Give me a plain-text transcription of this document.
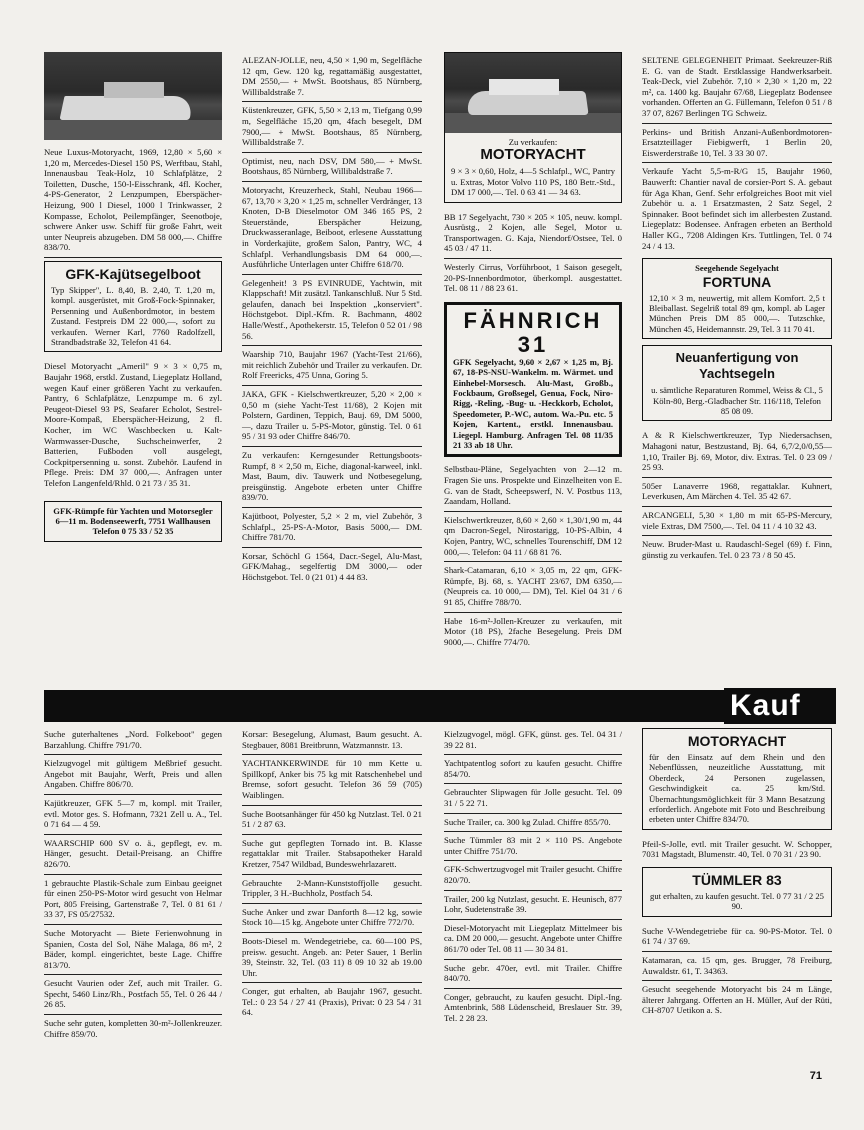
Neue Luxus-Motoryacht, 1969, 12,80 × 5,60 × 1,20 m, Mercedes-Diesel 150 PS, Werftbau, Stahl, Innenausbau Teak-Holz, 10 Schlafplätze, 2 Toiletten, Dusche, 150-l-Eisschrank, 4fl. Kocher, 4-PS-Generator, 2 Lenzpumpen, Eberspächer-Heizung, 900 l Diesel, 1000 l Trinkwasser, 2 Kompasse, Echolot, Peilempfänger, Seenotboje, schwere Anker usw. Schiff für große Fahrt, weit unter Neupreis abzugeben. DM 58 000,—. Chiffre 838/70.
GFK-Kajütsegelboot
Typ Skipper", L. 8,40, B. 2,40, T. 1,20 m, kompl. ausgerüstet, mit Groß-Fock-Spinnaker, Persenning und Außenbordmotor, in bestem Zustand. Festpreis DM 22 000,—, sofort zu verkaufen. Werner Karl, 7760 Radolfzell, Strandbadstraße 32, Telefon 41 64.
Diesel Motoryacht „Ameril" 9 × 3 × 0,75 m, Baujahr 1968, erstkl. Zustand, Liegeplatz Holland, wegen Kauf einer größeren Yacht zu verkaufen. Pantry, 6 Schlafplätze, Lenzpumpe m. 6 zyl. Peugeot-Diesel 93 PS, Seafarer Echolot, Sestrel-Moore-Kompaß, Eberspächer-Heizung, 2 fl. Kocher, im WC Waschbecken u. Kalt-Warmwasser-Dusche, Suchscheinwerfer, 2 Batterien, Fußboden voll ausgelegt, Cockpitpersenning u. sonst. Zubehör. Laufend in Pflege. Preis: DM 37 000,—. Anfragen unter Telefon Langenfeld/Rhld. 0 21 73 / 35 31.
GFK-Rümpfe für Yachten und Motorsegler 6—11 m. Bodenseewerft, 7751 Wallhausen Telefon 0 75 33 / 52 35
ALEZAN-JOLLE, neu, 4,50 × 1,90 m, Segelfläche 12 qm, Gew. 120 kg, regattamäßig ausgestattet, DM 2550,— + MwSt. Bootshaus, 85 Nürnberg, Willibaldstraße 7.
Küstenkreuzer, GFK, 5,50 × 2,13 m, Tiefgang 0,99 m, Segelfläche 15,20 qm, 4fach besegelt, DM 7900,— + MwSt. Bootshaus, 85 Nürnberg, Willibaldstraße 7.
Optimist, neu, nach DSV, DM 580,— + MwSt. Bootshaus, 85 Nürnberg, Willibaldstraße 7.
Motoryacht, Kreuzerheck, Stahl, Neubau 1966—67, 13,70 × 3,20 × 1,25 m, schneller Verdränger, 13 Knoten, D-B Dieselmotor OM 346 165 PS, 2 Steuerstände, Eberspächer Heizung, Druckwasseranlage, Beiboot, erlesene Ausstattung in Vorderkajüte, großem Salon, Pantry, WC, 4 Schlafpl. Verhandlungsbasis DM 64 000,—. Ausführliche Unterlagen unter Chiffre 618/70.
Gelegenheit! 3 PS EVINRUDE, Yachtwin, mit Klappschaft! Mit zusätzl. Tankanschluß. Nur 5 Std. gelaufen, danach bei Inspektion „konserviert". Höchstgebot. Dipl.-Kfm. R. Bachmann, 4802 Halle/Westf., Apothekerstr. 15, Telefon 0 52 01 / 98 56.
Waarship 710, Baujahr 1967 (Yacht-Test 21/66), mit reichlich Zubehör und Trailer zu verkaufen. Dr. Rolf Freericks, 475 Unna, Goring 5.
JAKA, GFK - Kielschwertkreuzer, 5,20 × 2,00 × 0,50 m (siehe Yacht-Test 11/68), 2 Kojen mit Polstern, Gardinen, Teppich, Bauj. 69, DM 5000,—, dazu Trailer u. 5-PS-Motor, günstig. Tel. 0 61 95 / 31 93 oder Chiffre 846/70.
Zu verkaufen: Kerngesunder Rettungsboots-Rumpf, 8 × 2,50 m, Eiche, diagonal-karweel, inkl. Mast, Baum, div. Tauwerk und Notbesegelung, preisgünstig. Angebote erbeten unter Chiffre 839/70.
Kajütboot, Polyester, 5,2 × 2 m, viel Zubehör, 3 Schlafpl., 25-PS-A-Motor, Basis 5000,— DM. Chiffre 781/70.
Korsar, Schöchl G 1564, Dacr.-Segel, Alu-Mast, GFK/Mahag., segelfertig DM 3000,— oder Höchstgebot. Tel. 0 (21 01) 4 44 83.
Zu verkaufen:
MOTORYACHT
9 × 3 × 0,60, Holz, 4—5 Schlafpl., WC, Pantry u. Extras, Motor Volvo 110 PS, 180 Betr.-Std., DM 17 000,—. Tel. 0 63 41 — 34 63.
BB 17 Segelyacht, 730 × 205 × 105, neuw. kompl. Ausrüstg., 2 Kojen, alle Segel, Motor u. Transportwagen. G. Kaja, Niendorf/Ostsee, Tel. 0 45 03 / 47 11.
Westerly Cirrus, Vorführboot, 1 Saison gesegelt, 20-PS-Innenbordmotor, überkompl. ausgestattet. Tel. 08 11 / 88 23 61.
FÄHNRICH 31
GFK Segelyacht, 9,60 × 2,67 × 1,25 m, Bj. 67, 18-PS-NSU-Wankelm. m. Wärmet. und Einhebel-Morsesch. Alu-Mast, Großb., Fockbaum, Großsegel, Genua, Fock, Niro-Rigg, -Reling, -Bug- u. -Heckkorb, Echolot, Speedometer, P.-WC, autom. Wa.-Pu. etc. 5 Kojen, Kartent., erstkl. Innenausbau. Liegepl. Hamburg. Anfragen Tel. 08 11/35 21 33 ab 18 Uhr.
Selbstbau-Pläne, Segelyachten von 2—12 m. Fragen Sie uns. Prospekte und Einzelheiten von E. G. van de Stadt, Scheepswerf, N. V. Postbus 113, Zaandam, Holland.
Kielschwertkreuzer, 8,60 × 2,60 × 1,30/1,90 m, 44 qm Dacron-Segel, Nirostarigg, 10-PS-Albin, 4 Kojen, Pantry, WC, schnelles Tourenschiff, DM 12 000,—. Telefon: 04 11 / 68 81 76.
Shark-Catamaran, 6,10 × 3,05 m, 22 qm, GFK-Rümpfe, Bj. 68, s. YACHT 23/67, DM 6350,— (Neupreis ca. 10 000,— DM), Tel. Kiel 04 31 / 6 91 85, Chiffre 788/70.
Habe 16-m²-Jollen-Kreuzer zu verkaufen, mit Motor (18 PS), 2fache Besegelung. Preis DM 9000,—. Chiffre 774/70.
SELTENE GELEGENHEIT Primaat. Seekreuzer-Riß E. G. van de Stadt. Erstklassige Handwerksarbeit. Teak-Deck, viel Zubehör. 7,10 × 2,30 × 1,20 m, 22 m², ca. 1400 kg. Baujahr 67/68, Liegeplatz Bodensee vorhanden. Offerten an G. Füllemann, Telefon 0 51 / 8 37 07, 8267 Berlingen TG Schweiz.
Perkins- und British Anzani-Außenbordmotoren-Ersatzteillager Fiebigwerft, 1 Berlin 20, Eiswerderstraße 10, Tel. 3 33 30 07.
Verkaufe Yacht 5,5-m-R/G 15, Baujahr 1960, Bauwerft: Chantier naval de corsier-Port S. A. gebaut für Aga Khan, Genf. Sehr erfolgreiches Boot mit viel Zubehör u. a. 1 Ersatzmasten, 2 Satz Segel, 2 Spinnaker. Boot befindet sich im allerbesten Zustand. Liegeplatz: Bodensee. Anfragen erbeten an Berthold Haller KG., 7208 Aldingen Krs. Tuttlingen, Tel. 0 74 24 / 4 13.
Seegehende Segelyacht
FORTUNA
12,10 × 3 m, neuwertig, mit allem Komfort. 2,5 t Bleiballast. Segelriß total 89 qm, kompl. ab Lager München Preis DM 85 000,—. Tutzschke, München 45, Heidemannstr. 29, Tel. 3 11 70 41.
Neuanfertigung von Yachtsegeln
u. sämtliche Reparaturen Rommel, Weiss & Cl., 5 Köln-80, Berg.-Gladbacher Str. 116/118, Telefon 85 08 09.
A & R Kielschwertkreuzer, Typ Niedersachsen, Mahagoni natur, Bestzustand, Bj. 64, 6,7/2,0/0,55—1,10, Trailer Bj. 69, Motor, div. Extras. Tel. 0 23 09 / 25 93.
505er Lanaverre 1968, regattaklar. Kuhnert, Leverkusen, Am Märchen 4. Tel. 35 42 67.
ARCANGELI, 5,30 × 1,80 m mit 65-PS-Mercury, viele Extras, DM 7500,—. Tel. 04 11 / 4 10 32 43.
Neuw. Bruder-Mast u. Raudaschl-Segel (69) f. Finn, günstig zu verkaufen. Tel. 0 23 73 / 8 50 45.
Kauf
Suche guterhaltenes „Nord. Folkeboot" gegen Barzahlung. Chiffre 791/70.
Kielzugvogel mit gültigem Meßbrief gesucht. Angebot mit Baujahr, Werft, Preis und allen Angaben. Chiffre 806/70.
Kajütkreuzer, GFK 5—7 m, kompl. mit Trailer, evtl. Motor ges. S. Hofmann, 7321 Zell u. A., Tel. 0 71 64 — 4 59.
WAARSCHIP 600 SV o. ä., gepflegt, ev. m. Hänger, gesucht. Detail-Preisang. an Chiffre 826/70.
1 gebrauchte Plastik-Schale zum Einbau geeignet für einen 250-PS-Motor wird gesucht von Helmar Port, 805 Freising, Gartenstraße 7, Tel. 0 81 61 / 33 37, FS 05/27532.
Suche Motoryacht — Biete Ferienwohnung in Spanien, Costa del Sol, Nähe Malaga, 86 m², 2 Bäder, kompl. eingerichtet, beste Lage. Chiffre 813/70.
Gesucht Vaurien oder Zef, auch mit Trailer. G. Specht, 5460 Linz/Rh., Postfach 55, Tel. 0 26 44 / 26 85.
Suche sehr guten, kompletten 30-m²-Jollenkreuzer. Chiffre 859/70.
Korsar: Besegelung, Alumast, Baum gesucht. A. Stegbauer, 8081 Breitbrunn, Watzmannstr. 13.
YACHTANKERWINDE für 10 mm Kette u. Spillkopf, Anker bis 75 kg mit Ratschenhebel und Bremse, sofort gesucht. Telefon 36 59 (705) Waiblingen.
Suche Bootsanhänger für 450 kg Nutzlast. Tel. 0 21 51 / 2 87 63.
Suche gut gepflegten Tornado int. B. Klasse regattaklar mit Trailer. Stabsapotheker Harald Kretzer, 7547 Wildbad, Bundeswehrlazarett.
Gebrauchte 2-Mann-Kunststoffjolle gesucht. Trippler, 3 H.-Buchholz, Postfach 54.
Suche Anker und zwar Danforth 8—12 kg, sowie Stock 10—15 kg. Angebote unter Chiffre 772/70.
Boots-Diesel m. Wendegetriebe, ca. 60—100 PS, preisw. gesucht. Angeb. an: Peter Sauer, 1 Berlin 39, Steinstr. 32, Tel. (03 11) 8 09 10 32 ab 19.00 Uhr.
Conger, gut erhalten, ab Baujahr 1967, gesucht. Tel.: 0 23 54 / 27 41 (Praxis), Privat: 0 23 54 / 31 64.
Kielzugvogel, mögl. GFK, günst. ges. Tel. 04 31 / 39 22 81.
Yachtpatentlog sofort zu kaufen gesucht. Chiffre 854/70.
Gebrauchter Slipwagen für Jolle gesucht. Tel. 09 31 / 5 22 71.
Suche Trailer, ca. 300 kg Zulad. Chiffre 855/70.
Suche Tümmler 83 mit 2 × 110 PS. Angebote unter Chiffre 751/70.
GFK-Schwertzugvogel mit Trailer gesucht. Chiffre 820/70.
Trailer, 200 kg Nutzlast, gesucht. E. Heunisch, 877 Lohr, Sudetenstraße 39.
Diesel-Motoryacht mit Liegeplatz Mittelmeer bis ca. DM 20 000,— gesucht. Angebote unter Chiffre 861/70 oder Tel. 08 11 — 30 34 81.
Suche gebr. 470er, evtl. mit Trailer. Chiffre 840/70.
Conger, gebraucht, zu kaufen gesucht. Dipl.-Ing. Amtenbrink, 588 Lüdenscheid, Breslauer Str. 39, Tel. 2 28 23.
MOTORYACHT
für den Einsatz auf dem Rhein und den Nebenflüssen, neuzeitliche Ausstattung, mit Oberdeck, 24 Personen zugelassen, Geschwindigkeit ca. 25 km/Std. Übernachtungsmöglichkeit für 3 Mann Besatzung erforderlich. Angebote mit Foto und Beschreibung erbeten unter Chiffre 834/70.
Pfeil-S-Jolle, evtl. mit Trailer gesucht. W. Schopper, 7031 Magstadt, Blumenstr. 40, Tel. 0 70 31 / 23 90.
TÜMMLER 83
gut erhalten, zu kaufen gesucht. Tel. 0 77 31 / 2 25 90.
Suche V-Wendegetriebe für ca. 90-PS-Motor. Tel. 0 61 74 / 37 69.
Katamaran, ca. 15 qm, ges. Brugger, 78 Freiburg, Auwaldstr. 61, T. 34363.
Gesucht seegehende Motoryacht bis 24 m Länge, älterer Jahrgang. Offerten an H. Müller, Auf der Rüti, CH-8707 Uetikon a. S.
71
